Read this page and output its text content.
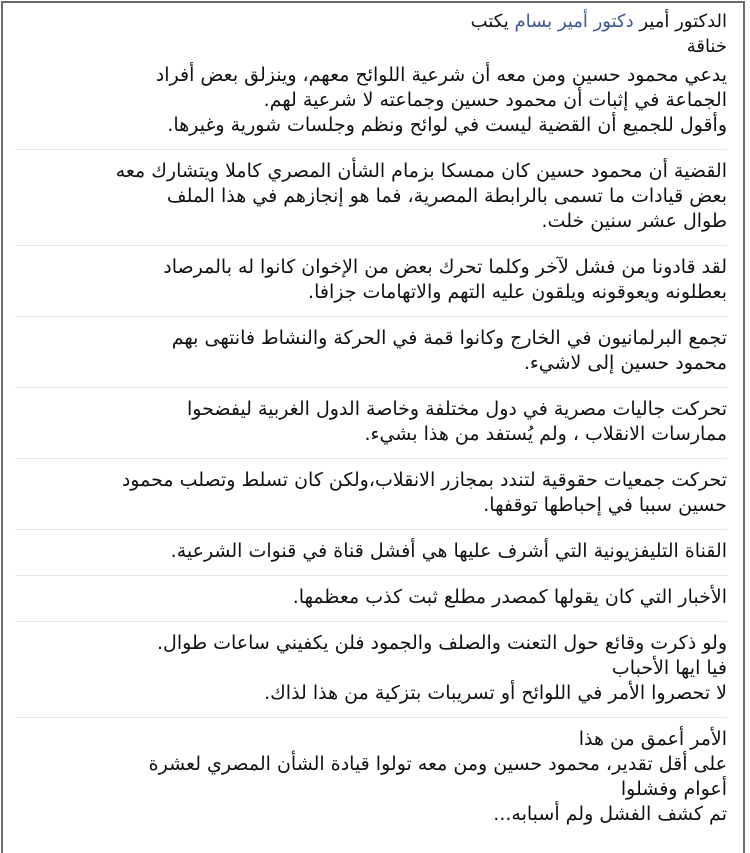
الدكتور أمير دكتور أمير بسام يكتب
خناقة
يدعي محمود حسين ومن معه أن شرعية اللوائح معهم، وينزلق بعض أفراد
الجماعة في إثبات أن محمود حسين وجماعته لا شرعية لهم.
وأقول للجميع أن القضية ليست في لوائح ونظم وجلسات شورية وغيرها.
القضية أن محمود حسين كان ممسكا بزمام الشأن المصري كاملا ويتشارك معه
بعض قيادات ما تسمى بالرابطة المصرية، فما هو إنجازهم في هذا الملف
طوال عشر سنين خلت.
لقد قادونا من فشل لآخر وكلما تحرك بعض من الإخوان كانوا له بالمرصاد
بعطلونه ويعوقونه ويلقون عليه التهم والاتهامات جزافا.
تجمع البرلمانيون في الخارج وكانوا قمة في الحركة والنشاط فانتهى بهم
محمود حسين إلى لاشيء.
تحركت جاليات مصرية في دول مختلفة وخاصة الدول الغربية ليفضحوا
ممارسات الانقلاب ، ولم يُستفد من هذا بشيء.
تحركت جمعيات حقوقية لتندد بمجازر الانقلاب،ولكن كان تسلط وتصلب محمود
حسين سببا في إحباطها توقفها.
القناة التليفزيونية التي أشرف عليها هي أفشل قناة في قنوات الشرعية.
الأخبار التي كان يقولها كمصدر مطلع ثبت كذب معظمها.
ولو ذكرت وقائع حول التعنت والصلف والجمود فلن يكفيني ساعات طوال.
فيا ايها الأحباب
لا تحصروا الأمر في اللوائح أو تسريبات بتزكية من هذا لذاك.
الأمر أعمق من هذا
على أقل تقدير، محمود حسين ومن معه تولوا قيادة الشأن المصري لعشرة
أعوام وفشلوا
تم كشف الفشل ولم أسبابه...
